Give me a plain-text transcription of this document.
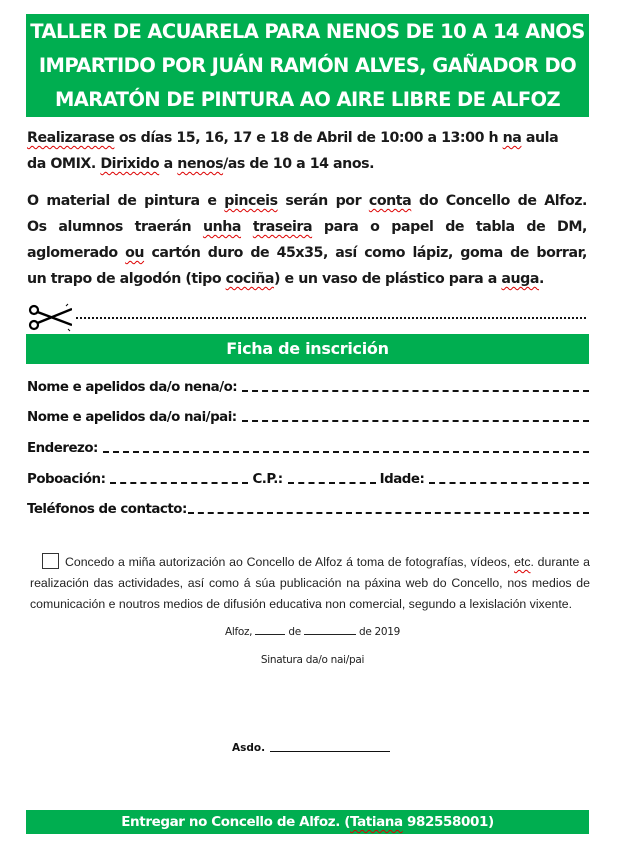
TALLER DE ACUARELA PARA NENOS DE 10 A 14 ANOS
IMPARTIDO POR JUÁN RAMÓN ALVES, GAÑADOR DO
MARATÓN DE PINTURA AO AIRE LIBRE DE ALFOZ
Realizarase os días 15, 16, 17 e 18 de Abril de 10:00 a 13:00 h na aula
da OMIX. Dirixido a nenos/as de 10 a 14 anos.
O material de pintura e pinceis serán por conta do Concello de Alfoz.
Os alumnos traerán unha traseira para o papel de tabla de DM,
aglomerado ou cartón duro de 45x35, así como lápiz, goma de borrar,
un trapo de algodón (tipo cociña) e un vaso de plástico para a auga.
Ficha de inscrición
Nome e apelidos da/o nena/o:
Nome e apelidos da/o nai/pai:
Enderezo:
Poboación:	C.P.:	Idade:
Teléfonos de contacto:
Concedo a miña autorización ao Concello de Alfoz á toma de fotografías, vídeos, etc. durante a
realización das actividades, así como á súa publicación na páxina web do Concello, nos medios de
comunicación e noutros medios de difusión educativa non comercial, segundo a lexislación vixente.
Alfoz,	de	de 2019
Sinatura da/o nai/pai
Asdo.
Entregar no Concello de Alfoz. (Tatiana 982558001)
